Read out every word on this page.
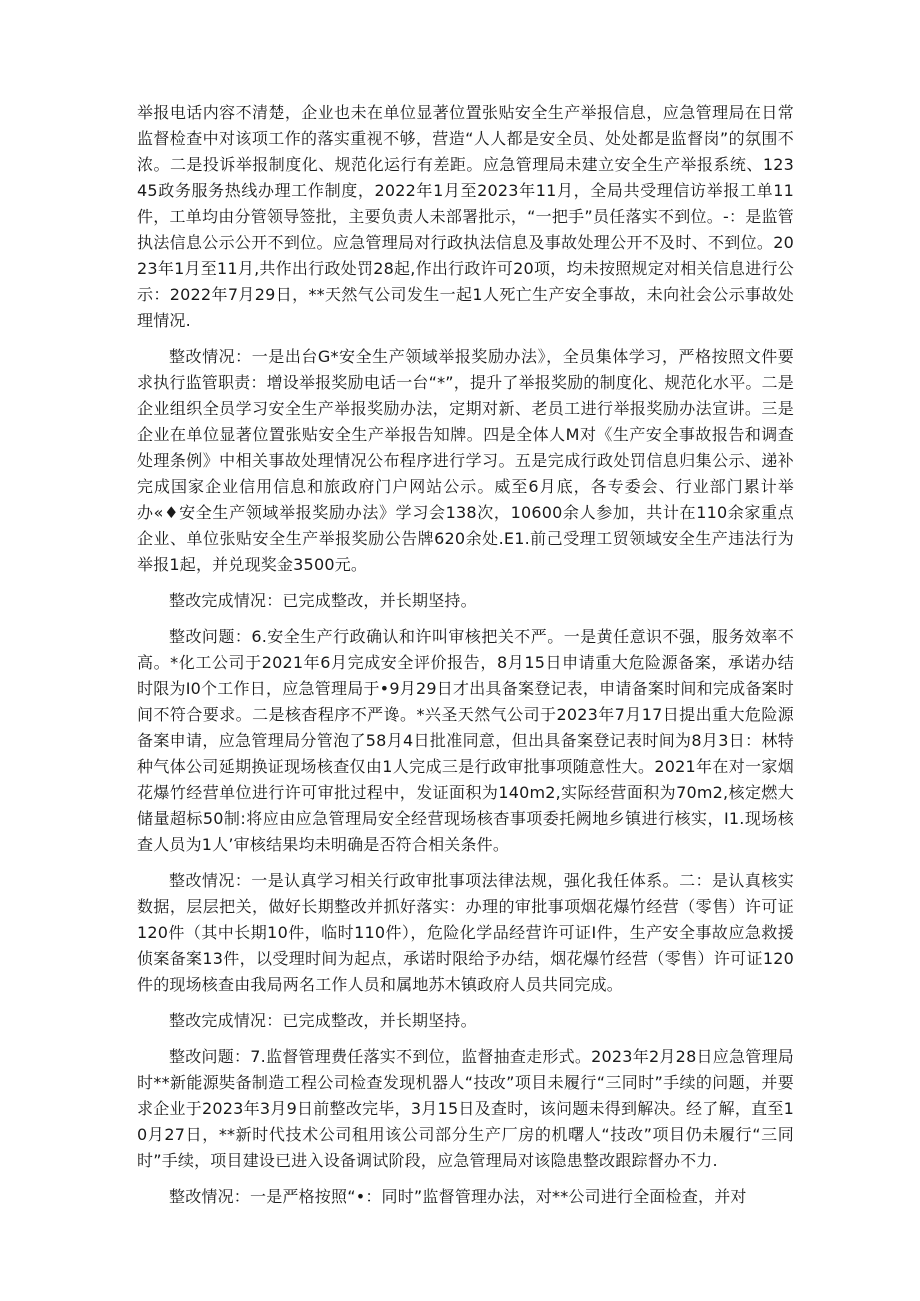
举报电话内容不清楚，企业也未在单位显著位置张贴安全生产举报信息，应急管理局在日常监督检查中对该项工作的落实重视不够，营造“人人都是安全员、处处都是监督岗”的氛围不浓。二是投诉举报制度化、规范化运行有差距。应急管理局未建立安全生产举报系统、12345政务服务热线办理工作制度，2022年1月至2023年11月，全局共受理信访举报工单11件，工单均由分管领导签批，主要负责人未部署批示，“一把手”员任落实不到位。-：是监管执法信息公示公开不到位。应急管理局对行政执法信息及事故处理公开不及时、不到位。2023年1月至11月,共作出行政处罚28起,作出行政许可20项，均未按照规定对相关信息进行公示：2022年7月29日，**天然气公司发生一起1人死亡生产安全事故，未向社会公示事故处理情况.

整改情况：一是出台G*安全生产领域举报奖励办法》，全员集体学习，严格按照文件要求执行监管职责：增设举报奖励电话一台“*”，提升了举报奖励的制度化、规范化水平。二是企业组织全员学习安全生产举报奖励办法，定期对新、老员工进行举报奖励办法宣讲。三是企业在单位显著位置张贴安全生产举报告知牌。四是全体人M对《生产安全事故报告和调查处理条例》中相关事故处理情况公布程序进行学习。五是完成行政处罚信息归集公示、递补完成国家企业信用信息和旅政府门户网站公示。威至6月底，各专委会、行业部门累计举办«♦安全生产领域举报奖励办法》学习会138次，10600余人参加，共计在110余家重点企业、单位张贴安全生产举报奖励公告牌620余处.E1.前己受理工贸领域安全生产违法行为举报1起，并兑现奖金3500元。

整改完成情况：已完成整改，并长期坚持。

整改问题：6.安全生产行政确认和许叫审核把关不严。一是黄任意识不强，服务效率不高。*化工公司于2021年6月完成安全评价报告，8月15日申请重大危险源备案，承诺办结时限为I0个工作日，应急管理局于•9月29日才出具备案登记表，申请备案时间和完成备案时间不符合要求。二是核杳程序不严谗。*兴圣天然气公司于2023年7月17日提出重大危险源备案申请，应急管理局分管泡了58月4日批准同意，但出具备案登记表时间为8月3日：林特种气体公司延期换证现场核查仅由1人完成三是行政审批事项随意性大。2021年在对一家烟花爆竹经营单位进行许可审批过程中，发证面积为140m2,实际经营面积为70m2,核定燃大储量超标50制:将应由应急管理局安全经营现场核杳事项委托阙地乡镇进行核实，I1.现场核查人员为1人’审核结果均未明确是否符合相关条件。

整改情况：一是认真学习相关行政审批事项法律法规，强化我任体系。二：是认真核实数据，层层把关，做好长期整改并抓好落实：办理的审批事项烟花爆竹经营（零售）许可证120件（其中长期10件，临时110件），危险化学品经营许可证I件，生产安全事故应急救援侦案备案13件，以受理时间为起点，承诺时限给予办结，烟花爆竹经营（零售）许可证120件的现场核查由我局两名工作人员和属地苏木镇政府人员共同完成。

整改完成情况：已完成整改，并长期坚持。

整改问题：7.监督管理费任落实不到位，监督抽查走形式。2023年2月28日应急管理局时**新能源奘备制造工程公司检查发现机器人“技改”项目未履行“三同时”手续的问题，并要求企业于2023年3月9日前整改完毕，3月15日及查时，该问题未得到解决。经了解，直至10月27日，**新时代技术公司租用该公司部分生产厂房的机曙人“技改”项目仍未履行“三同时”手续，项目建设已进入设备调试阶段，应急管理局对该隐患整改跟踪督办不力.

整改情况：一是严格按照“•：同时”监督管理办法，对**公司进行全面检查，并对
